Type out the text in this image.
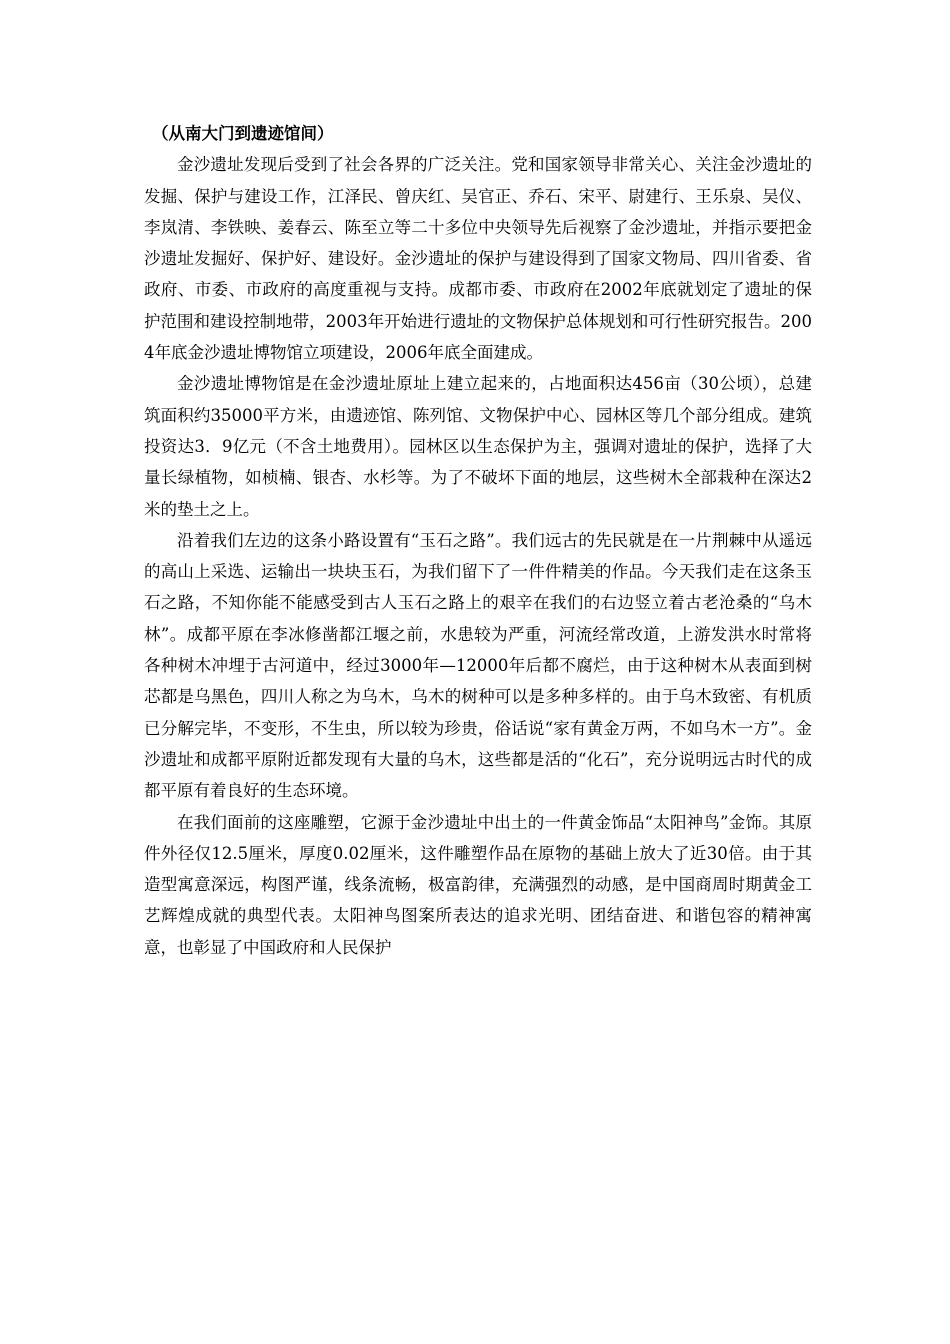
（从南大门到遗迹馆间）

金沙遗址发现后受到了社会各界的广泛关注。党和国家领导非常关心、关注金沙遗址的发掘、保护与建设工作，江泽民、曾庆红、吴官正、乔石、宋平、尉建行、王乐泉、吴仪、李岚清、李铁映、姜春云、陈至立等二十多位中央领导先后视察了金沙遗址，并指示要把金沙遗址发掘好、保护好、建设好。金沙遗址的保护与建设得到了国家文物局、四川省委、省政府、市委、市政府的高度重视与支持。成都市委、市政府在2002年底就划定了遗址的保护范围和建设控制地带，2003年开始进行遗址的文物保护总体规划和可行性研究报告。2004年底金沙遗址博物馆立项建设，2006年底全面建成。

金沙遗址博物馆是在金沙遗址原址上建立起来的，占地面积达456亩（30公顷），总建筑面积约35000平方米，由遗迹馆、陈列馆、文物保护中心、园林区等几个部分组成。建筑投资达3．9亿元（不含土地费用）。园林区以生态保护为主，强调对遗址的保护，选择了大量长绿植物，如桢楠、银杏、水杉等。为了不破坏下面的地层，这些树木全部栽种在深达2米的垫土之上。

沿着我们左边的这条小路设置有“玉石之路”。我们远古的先民就是在一片荆棘中从遥远的高山上采选、运输出一块块玉石，为我们留下了一件件精美的作品。今天我们走在这条玉石之路，不知你能不能感受到古人玉石之路上的艰辛在我们的右边竖立着古老沧桑的“乌木林”。成都平原在李冰修凿都江堰之前，水患较为严重，河流经常改道，上游发洪水时常将各种树木冲埋于古河道中，经过3000年—12000年后都不腐烂，由于这种树木从表面到树芯都是乌黑色，四川人称之为乌木，乌木的树种可以是多种多样的。由于乌木致密、有机质已分解完毕，不变形，不生虫，所以较为珍贵，俗话说“家有黄金万两，不如乌木一方”。金沙遗址和成都平原附近都发现有大量的乌木，这些都是活的“化石”，充分说明远古时代的成都平原有着良好的生态环境。

在我们面前的这座雕塑，它源于金沙遗址中出土的一件黄金饰品“太阳神鸟”金饰。其原件外径仅12.5厘米，厚度0.02厘米，这件雕塑作品在原物的基础上放大了近30倍。由于其造型寓意深远，构图严谨，线条流畅，极富韵律，充满强烈的动感，是中国商周时期黄金工艺辉煌成就的典型代表。太阳神鸟图案所表达的追求光明、团结奋进、和谐包容的精神寓意，也彰显了中国政府和人民保护
